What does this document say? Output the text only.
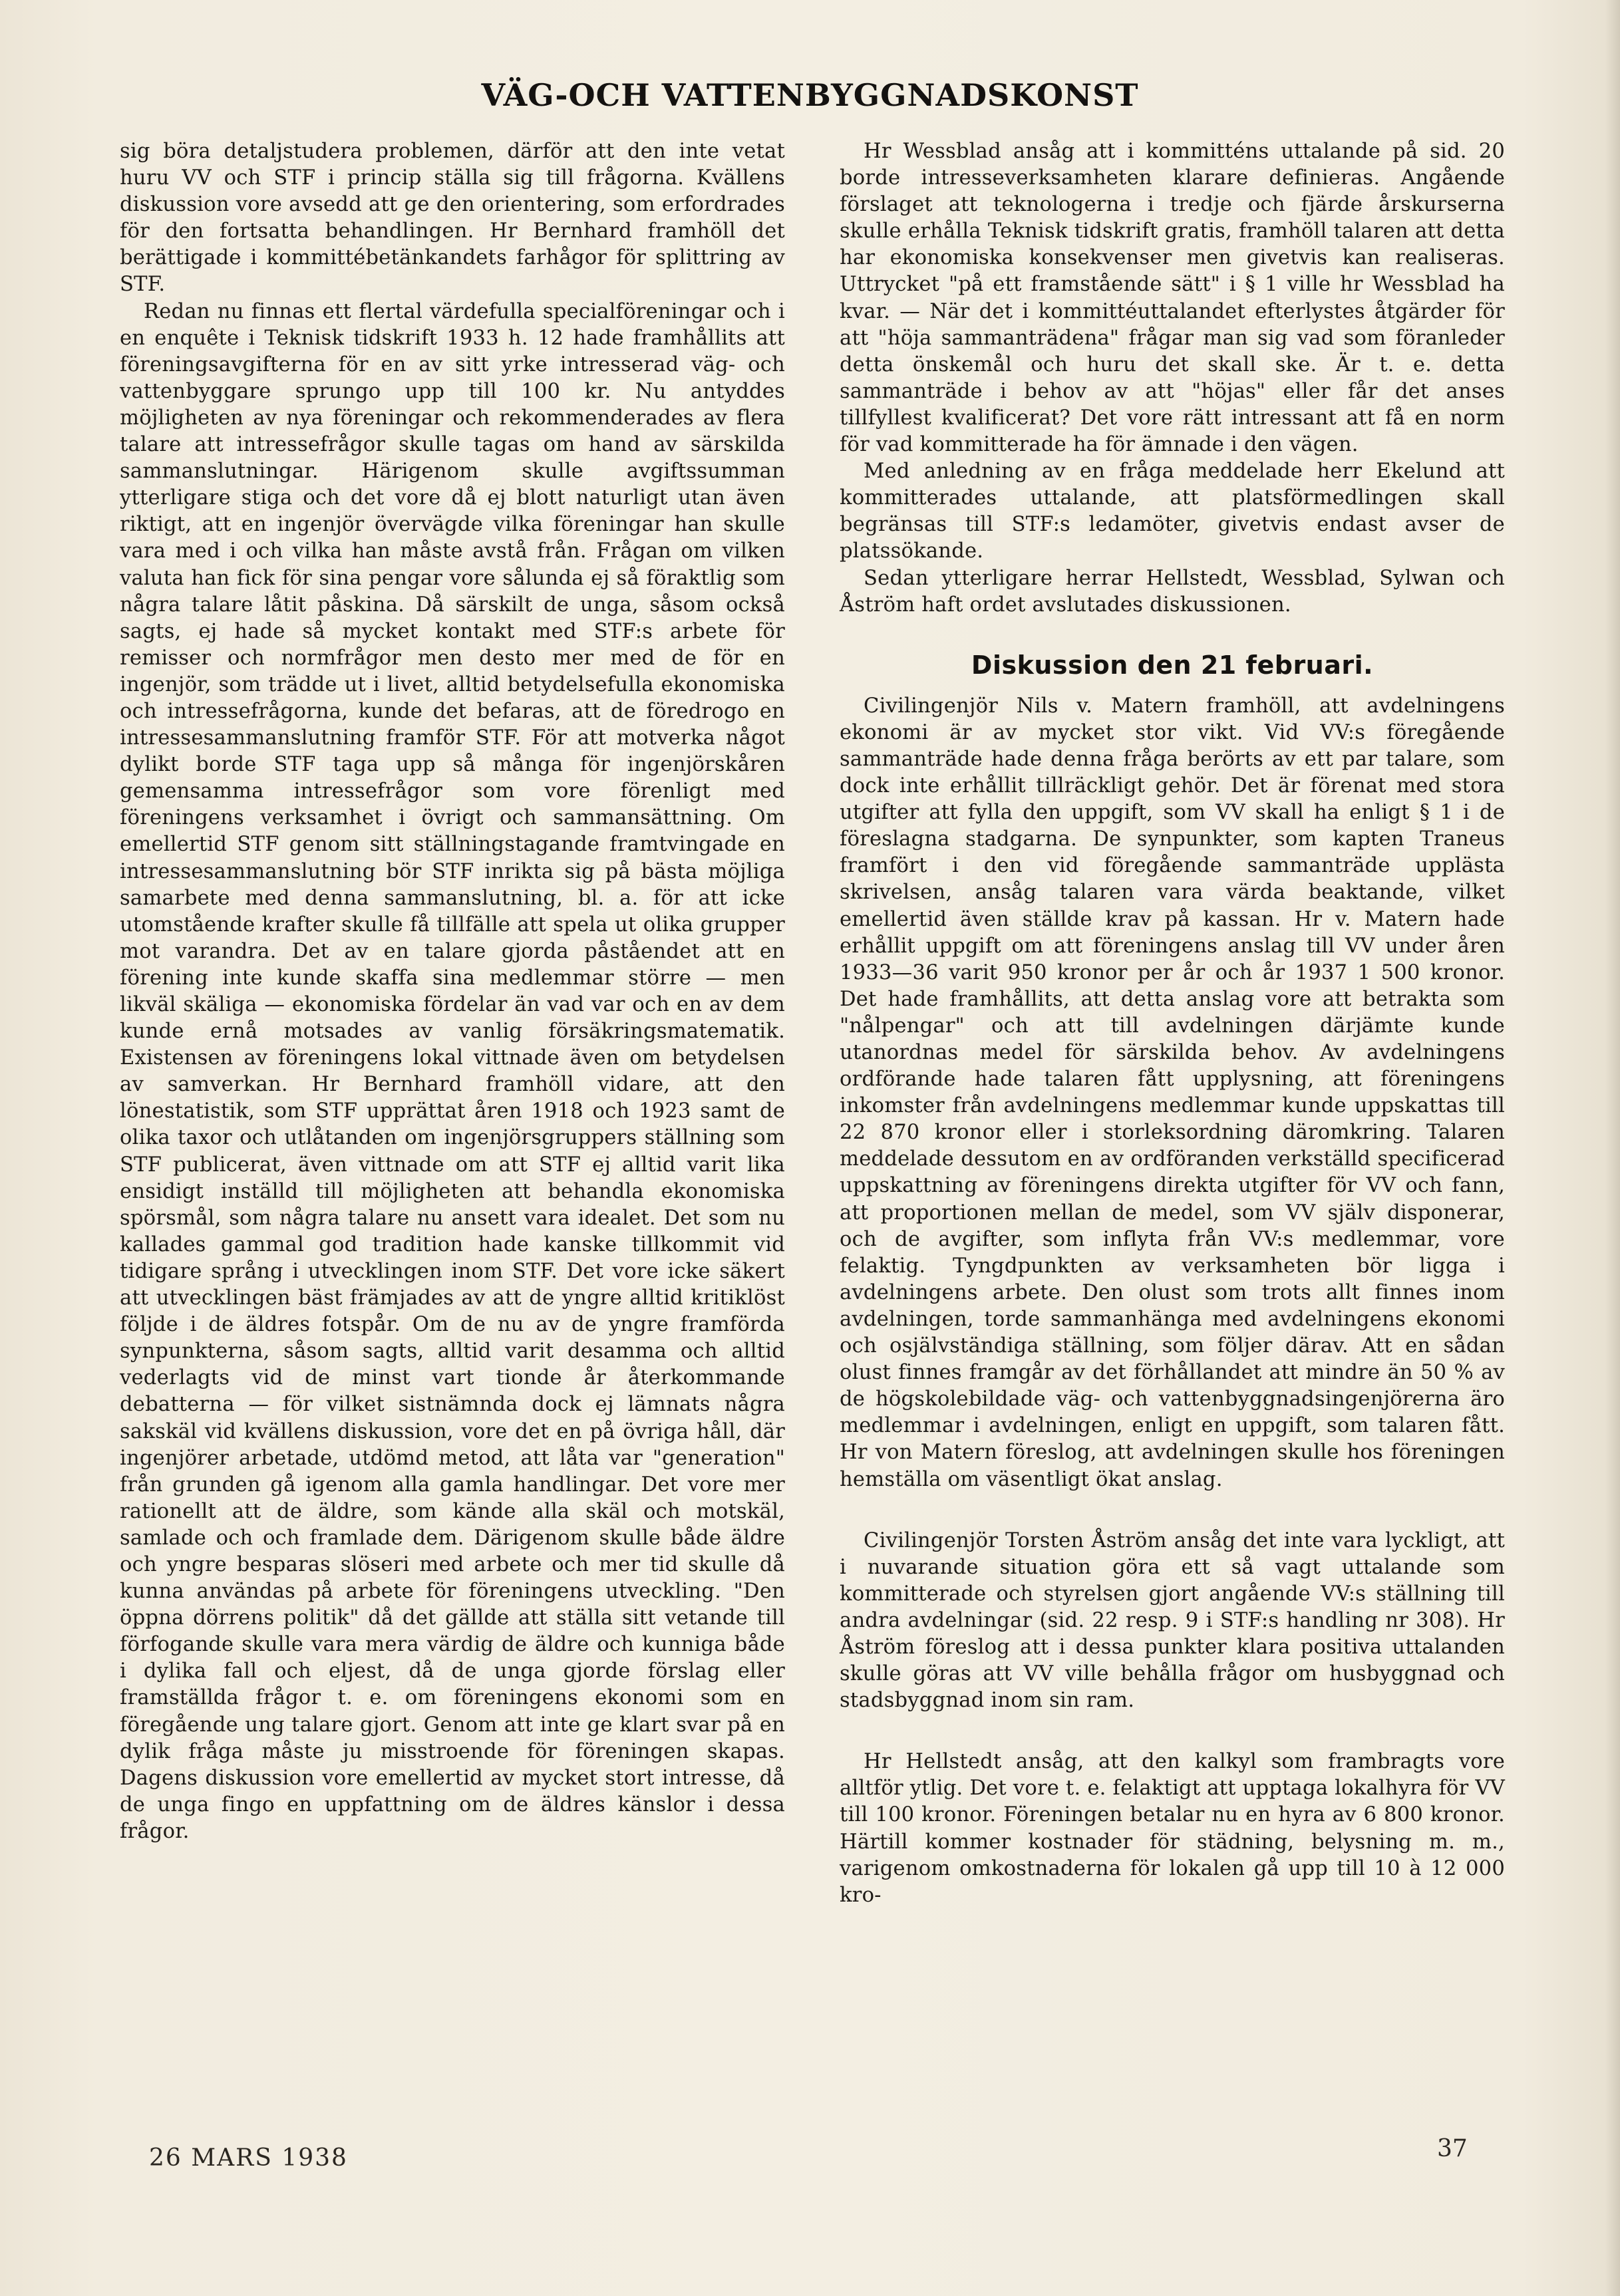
VÄG-OCH VATTENBYGGNADSKONST

sig böra detaljstudera problemen, därför att den inte vetat huru VV och STF i princip ställa sig till frågorna. Kvällens diskussion vore avsedd att ge den orientering, som erfordrades för den fortsatta behandlingen. Hr Bernhard framhöll det berättigade i kommittébetänkandets farhågor för splittring av STF.

Redan nu finnas ett flertal värdefulla specialföreningar och i en enquête i Teknisk tidskrift 1933 h. 12 hade framhållits att föreningsavgifterna för en av sitt yrke intresserad väg- och vattenbyggare sprungo upp till 100 kr. Nu antyddes möjligheten av nya föreningar och rekommenderades av flera talare att intressefrågor skulle tagas om hand av särskilda sammanslutningar. Härigenom skulle avgiftssumman ytterligare stiga och det vore då ej blott naturligt utan även riktigt, att en ingenjör övervägde vilka föreningar han skulle vara med i och vilka han måste avstå från. Frågan om vilken valuta han fick för sina pengar vore sålunda ej så föraktlig som några talare låtit påskina. Då särskilt de unga, såsom också sagts, ej hade så mycket kontakt med STF:s arbete för remisser och normfrågor men desto mer med de för en ingenjör, som trädde ut i livet, alltid betydelsefulla ekonomiska och intressefrågorna, kunde det befaras, att de föredrogo en intressesammanslutning framför STF. För att motverka något dylikt borde STF taga upp så många för ingenjörskåren gemensamma intressefrågor som vore förenligt med föreningens verksamhet i övrigt och sammansättning. Om emellertid STF genom sitt ställningstagande framtvingade en intressesammanslutning bör STF inrikta sig på bästa möjliga samarbete med denna sammanslutning, bl. a. för att icke utomstående krafter skulle få tillfälle att spela ut olika grupper mot varandra. Det av en talare gjorda påståendet att en förening inte kunde skaffa sina medlemmar större — men likväl skäliga — ekonomiska fördelar än vad var och en av dem kunde ernå motsades av vanlig försäkringsmatematik. Existensen av föreningens lokal vittnade även om betydelsen av samverkan. Hr Bernhard framhöll vidare, att den lönestatistik, som STF upprättat åren 1918 och 1923 samt de olika taxor och utlåtanden om ingenjörsgruppers ställning som STF publicerat, även vittnade om att STF ej alltid varit lika ensidigt inställd till möjligheten att behandla ekonomiska spörsmål, som några talare nu ansett vara idealet. Det som nu kallades gammal god tradition hade kanske tillkommit vid tidigare språng i utvecklingen inom STF. Det vore icke säkert att utvecklingen bäst främjades av att de yngre alltid kritiklöst följde i de äldres fotspår. Om de nu av de yngre framförda synpunkterna, såsom sagts, alltid varit desamma och alltid vederlagts vid de minst vart tionde år återkommande debatterna — för vilket sistnämnda dock ej lämnats några sakskäl vid kvällens diskussion, vore det en på övriga håll, där ingenjörer arbetade, utdömd metod, att låta var "generation" från grunden gå igenom alla gamla handlingar. Det vore mer rationellt att de äldre, som kände alla skäl och motskäl, samlade och och framlade dem. Därigenom skulle både äldre och yngre besparas slöseri med arbete och mer tid skulle då kunna användas på arbete för föreningens utveckling. "Den öppna dörrens politik" då det gällde att ställa sitt vetande till förfogande skulle vara mera värdig de äldre och kunniga både i dylika fall och eljest, då de unga gjorde förslag eller framställda frågor t. e. om föreningens ekonomi som en föregående ung talare gjort. Genom att inte ge klart svar på en dylik fråga måste ju misstroende för föreningen skapas. Dagens diskussion vore emellertid av mycket stort intresse, då de unga fingo en uppfattning om de äldres känslor i dessa frågor.

Hr Wessblad ansåg att i kommitténs uttalande på sid. 20 borde intresseverksamheten klarare definieras. Angående förslaget att teknologerna i tredje och fjärde årskurserna skulle erhålla Teknisk tidskrift gratis, framhöll talaren att detta har ekonomiska konsekvenser men givetvis kan realiseras. Uttrycket "på ett framstående sätt" i § 1 ville hr Wessblad ha kvar. — När det i kommittéuttalandet efterlystes åtgärder för att "höja sammanträdena" frågar man sig vad som föranleder detta önskemål och huru det skall ske. Är t. e. detta sammanträde i behov av att "höjas" eller får det anses tillfyllest kvalificerat? Det vore rätt intressant att få en norm för vad kommitterade ha för ämnade i den vägen.

Med anledning av en fråga meddelade herr Ekelund att kommitterades uttalande, att platsförmedlingen skall begränsas till STF:s ledamöter, givetvis endast avser de platssökande.

Sedan ytterligare herrar Hellstedt, Wessblad, Sylwan och Åström haft ordet avslutades diskussionen.

Diskussion den 21 februari.

Civilingenjör Nils v. Matern framhöll, att avdelningens ekonomi är av mycket stor vikt. Vid VV:s föregående sammanträde hade denna fråga berörts av ett par talare, som dock inte erhållit tillräckligt gehör. Det är förenat med stora utgifter att fylla den uppgift, som VV skall ha enligt § 1 i de föreslagna stadgarna. De synpunkter, som kapten Traneus framfört i den vid föregående sammanträde upplästa skrivelsen, ansåg talaren vara värda beaktande, vilket emellertid även ställde krav på kassan. Hr v. Matern hade erhållit uppgift om att föreningens anslag till VV under åren 1933—36 varit 950 kronor per år och år 1937 1 500 kronor. Det hade framhållits, att detta anslag vore att betrakta som "nålpengar" och att till avdelningen därjämte kunde utanordnas medel för särskilda behov. Av avdelningens ordförande hade talaren fått upplysning, att föreningens inkomster från avdelningens medlemmar kunde uppskattas till 22 870 kronor eller i storleksordning däromkring. Talaren meddelade dessutom en av ordföranden verkställd specificerad uppskattning av föreningens direkta utgifter för VV och fann, att proportionen mellan de medel, som VV själv disponerar, och de avgifter, som inflyta från VV:s medlemmar, vore felaktig. Tyngdpunkten av verksamheten bör ligga i avdelningens arbete. Den olust som trots allt finnes inom avdelningen, torde sammanhänga med avdelningens ekonomi och osjälvständiga ställning, som följer därav. Att en sådan olust finnes framgår av det förhållandet att mindre än 50 % av de högskolebildade väg- och vattenbyggnadsingenjörerna äro medlemmar i avdelningen, enligt en uppgift, som talaren fått. Hr von Matern föreslog, att avdelningen skulle hos föreningen hemställa om väsentligt ökat anslag.

Civilingenjör Torsten Åström ansåg det inte vara lyckligt, att i nuvarande situation göra ett så vagt uttalande som kommitterade och styrelsen gjort angående VV:s ställning till andra avdelningar (sid. 22 resp. 9 i STF:s handling nr 308). Hr Åström föreslog att i dessa punkter klara positiva uttalanden skulle göras att VV ville behålla frågor om husbyggnad och stadsbyggnad inom sin ram.

Hr Hellstedt ansåg, att den kalkyl som frambragts vore alltför ytlig. Det vore t. e. felaktigt att upptaga lokalhyra för VV till 100 kronor. Föreningen betalar nu en hyra av 6 800 kronor. Härtill kommer kostnader för städning, belysning m. m., varigenom omkostnaderna för lokalen gå upp till 10 à 12 000 kro-

26 MARS 1938	37
